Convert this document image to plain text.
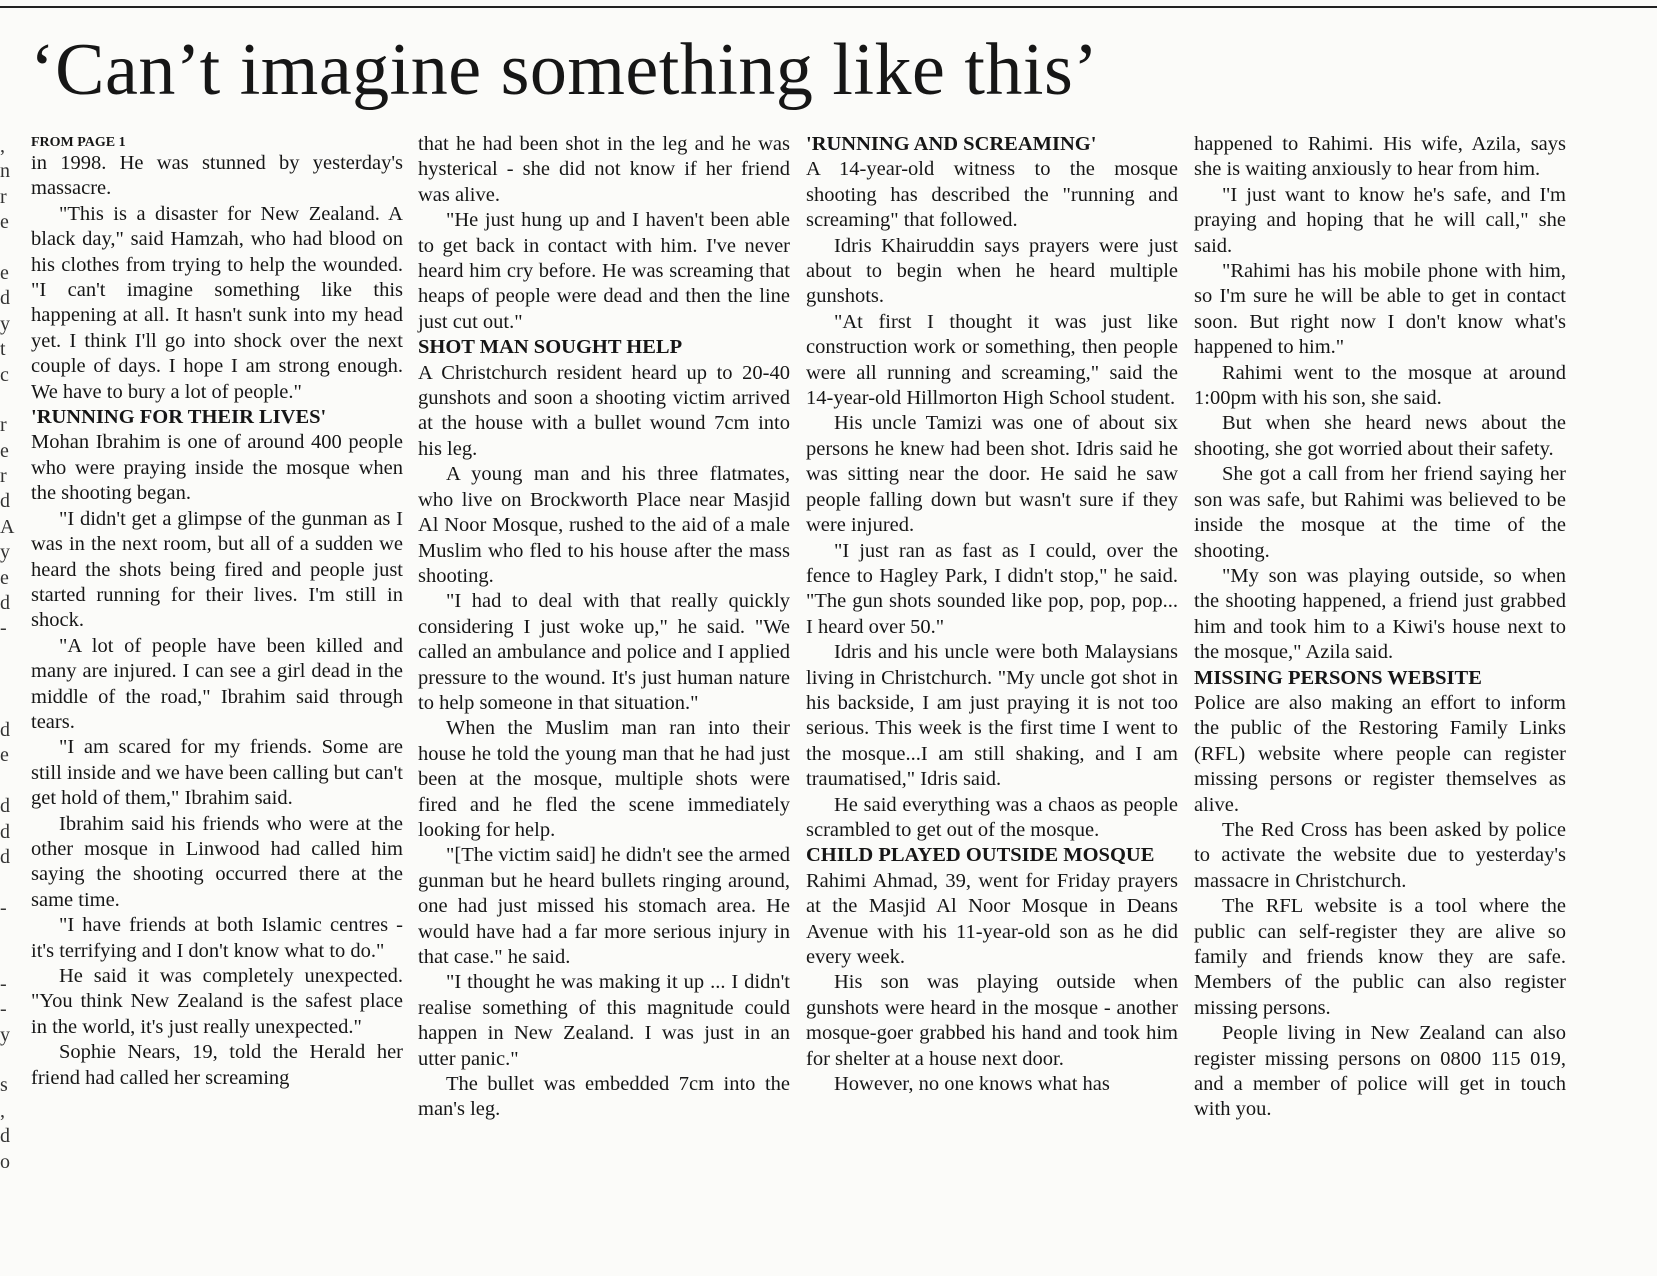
‘Can’t imagine something like this’
,
n
r
e
e
d
y
t
c
r
e
r
d
A
y
e
d
-
d
e
d
d
d
-
-
-
y
s
,
d
o
FROM PAGE 1

in 1998. He was stunned by yesterday's massacre.

"This is a disaster for New Zealand. A black day," said Hamzah, who had blood on his clothes from trying to help the wounded. "I can't imagine something like this happening at all. It hasn't sunk into my head yet. I think I'll go into shock over the next couple of days. I hope I am strong enough. We have to bury a lot of people."

'RUNNING FOR THEIR LIVES'

Mohan Ibrahim is one of around 400 people who were praying inside the mosque when the shooting began.

"I didn't get a glimpse of the gunman as I was in the next room, but all of a sudden we heard the shots being fired and people just started running for their lives. I'm still in shock.

"A lot of people have been killed and many are injured. I can see a girl dead in the middle of the road," Ibrahim said through tears.

"I am scared for my friends. Some are still inside and we have been calling but can't get hold of them," Ibrahim said.

Ibrahim said his friends who were at the other mosque in Linwood had called him saying the shooting occurred there at the same time.

"I have friends at both Islamic centres - it's terrifying and I don't know what to do."

He said it was completely unexpected. "You think New Zealand is the safest place in the world, it's just really unexpected."

Sophie Nears, 19, told the Herald her friend had called her screaming

that he had been shot in the leg and he was hysterical - she did not know if her friend was alive.

"He just hung up and I haven't been able to get back in contact with him. I've never heard him cry before. He was screaming that heaps of people were dead and then the line just cut out."

SHOT MAN SOUGHT HELP

A Christchurch resident heard up to 20-40 gunshots and soon a shooting victim arrived at the house with a bullet wound 7cm into his leg.

A young man and his three flatmates, who live on Brockworth Place near Masjid Al Noor Mosque, rushed to the aid of a male Muslim who fled to his house after the mass shooting.

"I had to deal with that really quickly considering I just woke up," he said. "We called an ambulance and police and I applied pressure to the wound. It's just human nature to help someone in that situation."

When the Muslim man ran into their house he told the young man that he had just been at the mosque, multiple shots were fired and he fled the scene immediately looking for help.

"[The victim said] he didn't see the armed gunman but he heard bullets ringing around, one had just missed his stomach area. He would have had a far more serious injury in that case." he said.

"I thought he was making it up ... I didn't realise something of this magnitude could happen in New Zealand. I was just in an utter panic."

The bullet was embedded 7cm into the man's leg.

'RUNNING AND SCREAMING'

A 14-year-old witness to the mosque shooting has described the "running and screaming" that followed.

Idris Khairuddin says prayers were just about to begin when he heard multiple gunshots.

"At first I thought it was just like construction work or something, then people were all running and screaming," said the 14-year-old Hillmorton High School student.

His uncle Tamizi was one of about six persons he knew had been shot. Idris said he was sitting near the door. He said he saw people falling down but wasn't sure if they were injured.

"I just ran as fast as I could, over the fence to Hagley Park, I didn't stop," he said. "The gun shots sounded like pop, pop, pop... I heard over 50."

Idris and his uncle were both Malaysians living in Christchurch. "My uncle got shot in his backside, I am just praying it is not too serious. This week is the first time I went to the mosque...I am still shaking, and I am traumatised," Idris said.

He said everything was a chaos as people scrambled to get out of the mosque.

CHILD PLAYED OUTSIDE MOSQUE

Rahimi Ahmad, 39, went for Friday prayers at the Masjid Al Noor Mosque in Deans Avenue with his 11-year-old son as he did every week.

His son was playing outside when gunshots were heard in the mosque - another mosque-goer grabbed his hand and took him for shelter at a house next door.

However, no one knows what has

happened to Rahimi. His wife, Azila, says she is waiting anxiously to hear from him.

"I just want to know he's safe, and I'm praying and hoping that he will call," she said.

"Rahimi has his mobile phone with him, so I'm sure he will be able to get in contact soon. But right now I don't know what's happened to him."

Rahimi went to the mosque at around 1:00pm with his son, she said.

But when she heard news about the shooting, she got worried about their safety.

She got a call from her friend saying her son was safe, but Rahimi was believed to be inside the mosque at the time of the shooting.

"My son was playing outside, so when the shooting happened, a friend just grabbed him and took him to a Kiwi's house next to the mosque," Azila said.

MISSING PERSONS WEBSITE

Police are also making an effort to inform the public of the Restoring Family Links (RFL) website where people can register missing persons or register themselves as alive.

The Red Cross has been asked by police to activate the website due to yesterday's massacre in Christchurch.

The RFL website is a tool where the public can self-register they are alive so family and friends know they are safe. Members of the public can also register missing persons.

People living in New Zealand can also register missing persons on 0800 115 019, and a member of police will get in touch with you.
